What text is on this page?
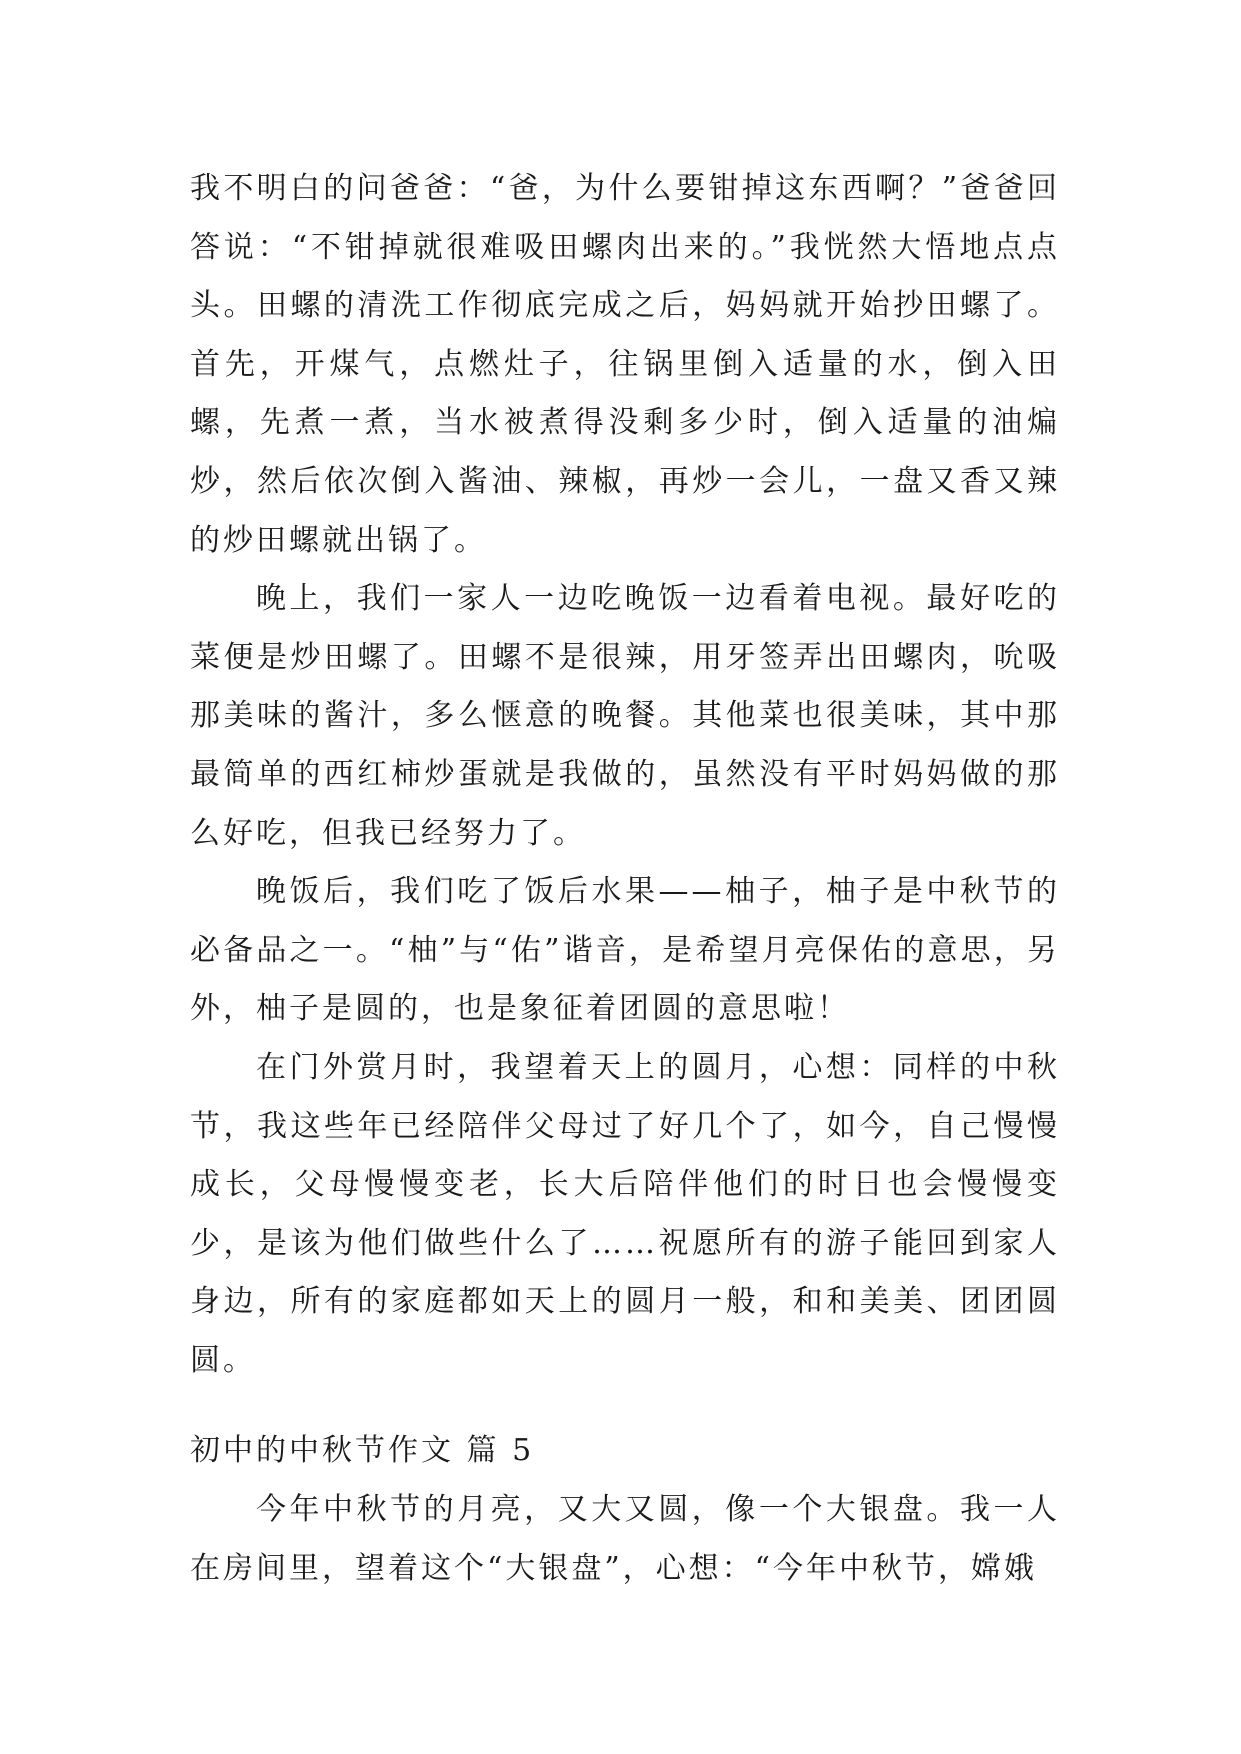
我不明白的问爸爸：“爸，为什么要钳掉这东西啊？”爸爸回答说：“不钳掉就很难吸田螺肉出来的。”我恍然大悟地点点头。田螺的清洗工作彻底完成之后，妈妈就开始抄田螺了。首先，开煤气，点燃灶子，往锅里倒入适量的水，倒入田螺，先煮一煮，当水被煮得没剩多少时，倒入适量的油煸炒，然后依次倒入酱油、辣椒，再炒一会儿，一盘又香又辣的炒田螺就出锅了。

晚上，我们一家人一边吃晚饭一边看着电视。最好吃的菜便是炒田螺了。田螺不是很辣，用牙签弄出田螺肉，吮吸那美味的酱汁，多么惬意的晚餐。其他菜也很美味，其中那最简单的西红柿炒蛋就是我做的，虽然没有平时妈妈做的那么好吃，但我已经努力了。

晚饭后，我们吃了饭后水果——柚子，柚子是中秋节的必备品之一。“柚”与“佑”谐音，是希望月亮保佑的意思，另外，柚子是圆的，也是象征着团圆的意思啦！

在门外赏月时，我望着天上的圆月，心想：同样的中秋节，我这些年已经陪伴父母过了好几个了，如今，自己慢慢成长，父母慢慢变老，长大后陪伴他们的时日也会慢慢变少，是该为他们做些什么了……祝愿所有的游子能回到家人身边，所有的家庭都如天上的圆月一般，和和美美、团团圆圆。

初中的中秋节作文 篇 5

今年中秋节的月亮，又大又圆，像一个大银盘。我一人在房间里，望着这个“大银盘”，心想：“今年中秋节，嫦娥
